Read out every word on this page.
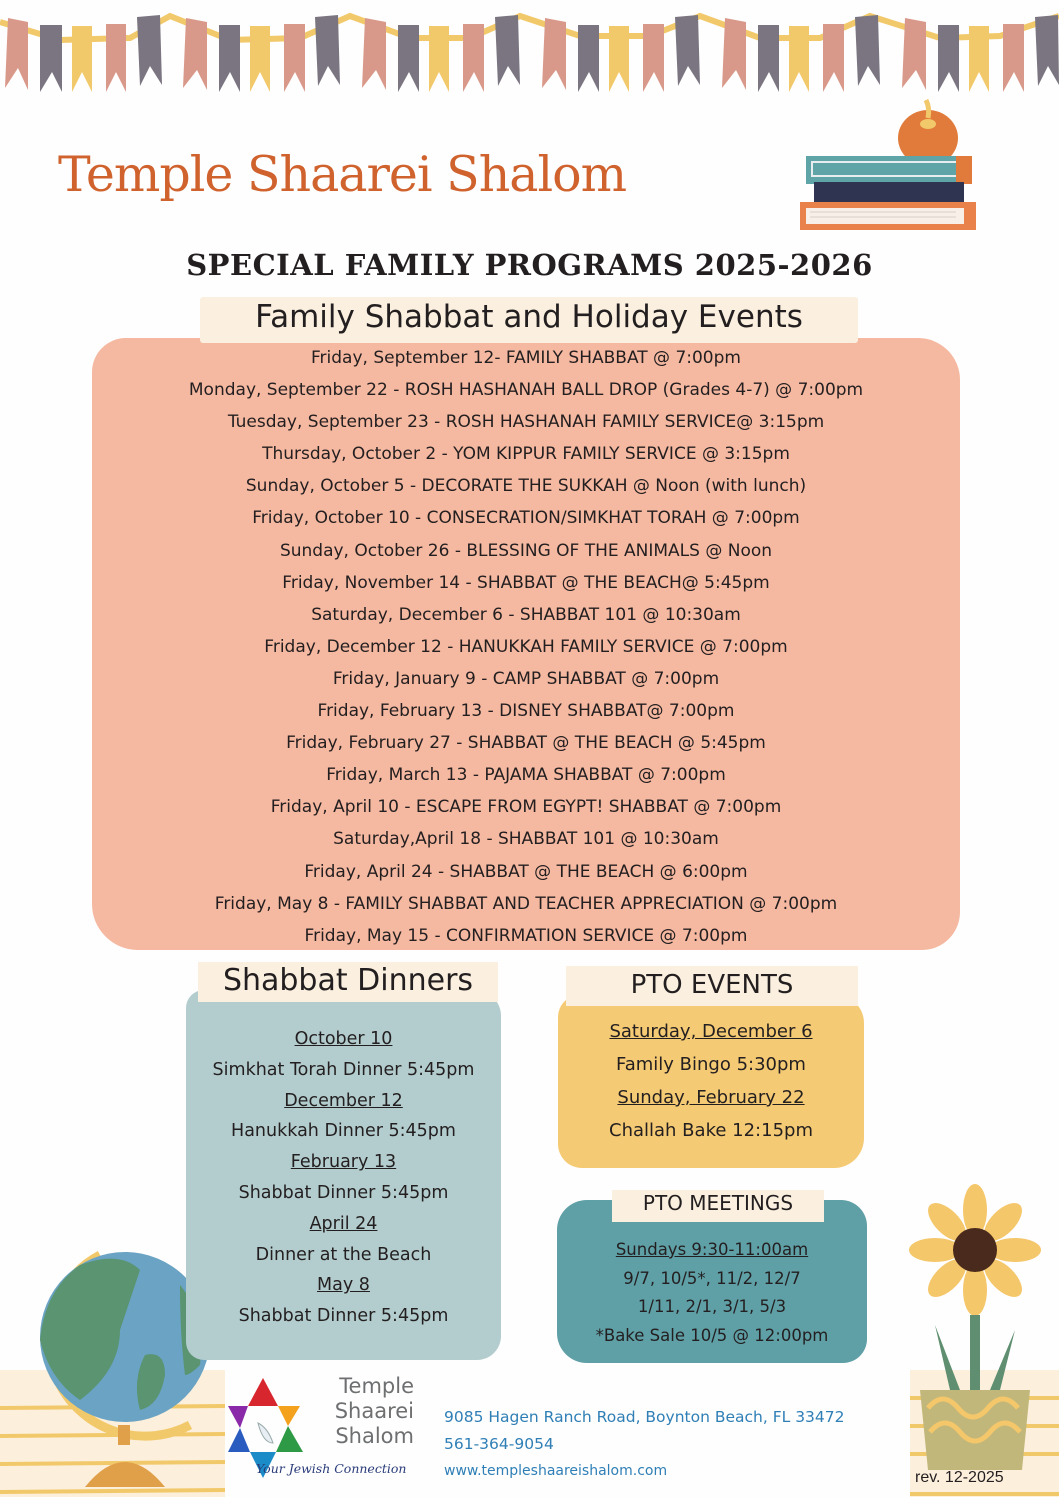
Temple Shaarei Shalom
SPECIAL FAMILY PROGRAMS 2025-2026
Family Shabbat and Holiday Events
Friday, September 12- FAMILY SHABBAT @ 7:00pm
Monday, September 22 - ROSH HASHANAH BALL DROP (Grades 4-7) @ 7:00pm
Tuesday, September 23 - ROSH HASHANAH FAMILY SERVICE@ 3:15pm
Thursday, October 2 - YOM KIPPUR FAMILY SERVICE @ 3:15pm
Sunday, October 5 - DECORATE THE SUKKAH @ Noon (with lunch)
Friday, October 10 - CONSECRATION/SIMKHAT TORAH @ 7:00pm
Sunday, October 26 - BLESSING OF THE ANIMALS @ Noon
Friday, November 14 - SHABBAT @ THE BEACH@ 5:45pm
Saturday, December 6 - SHABBAT 101 @ 10:30am
Friday, December 12 - HANUKKAH FAMILY SERVICE @ 7:00pm
Friday, January 9 - CAMP SHABBAT @ 7:00pm
Friday, February 13 - DISNEY SHABBAT@ 7:00pm
Friday, February 27 - SHABBAT @ THE BEACH @ 5:45pm
Friday, March 13 - PAJAMA SHABBAT @ 7:00pm
Friday, April 10 - ESCAPE FROM EGYPT! SHABBAT @ 7:00pm
Saturday,April 18 - SHABBAT 101 @ 10:30am
Friday, April 24 - SHABBAT @ THE BEACH @ 6:00pm
Friday, May 8 - FAMILY SHABBAT AND TEACHER APPRECIATION @ 7:00pm
Friday, May 15 - CONFIRMATION SERVICE @ 7:00pm
Shabbat Dinners
October 10
Simkhat Torah Dinner 5:45pm
December 12
Hanukkah Dinner 5:45pm
February 13
Shabbat Dinner 5:45pm
April 24
Dinner at the Beach
May 8
Shabbat Dinner 5:45pm
PTO EVENTS
Saturday, December 6
Family Bingo 5:30pm
Sunday, February 22
Challah Bake 12:15pm
PTO MEETINGS
Sundays 9:30-11:00am
9/7, 10/5*, 11/2, 12/7
1/11, 2/1, 3/1, 5/3
*Bake Sale 10/5 @ 12:00pm
Temple
Shaarei
Shalom
Your Jewish Connection
9085 Hagen Ranch Road, Boynton Beach, FL 33472
561-364-9054
www.templeshaareishalom.com	rev. 12-2025
